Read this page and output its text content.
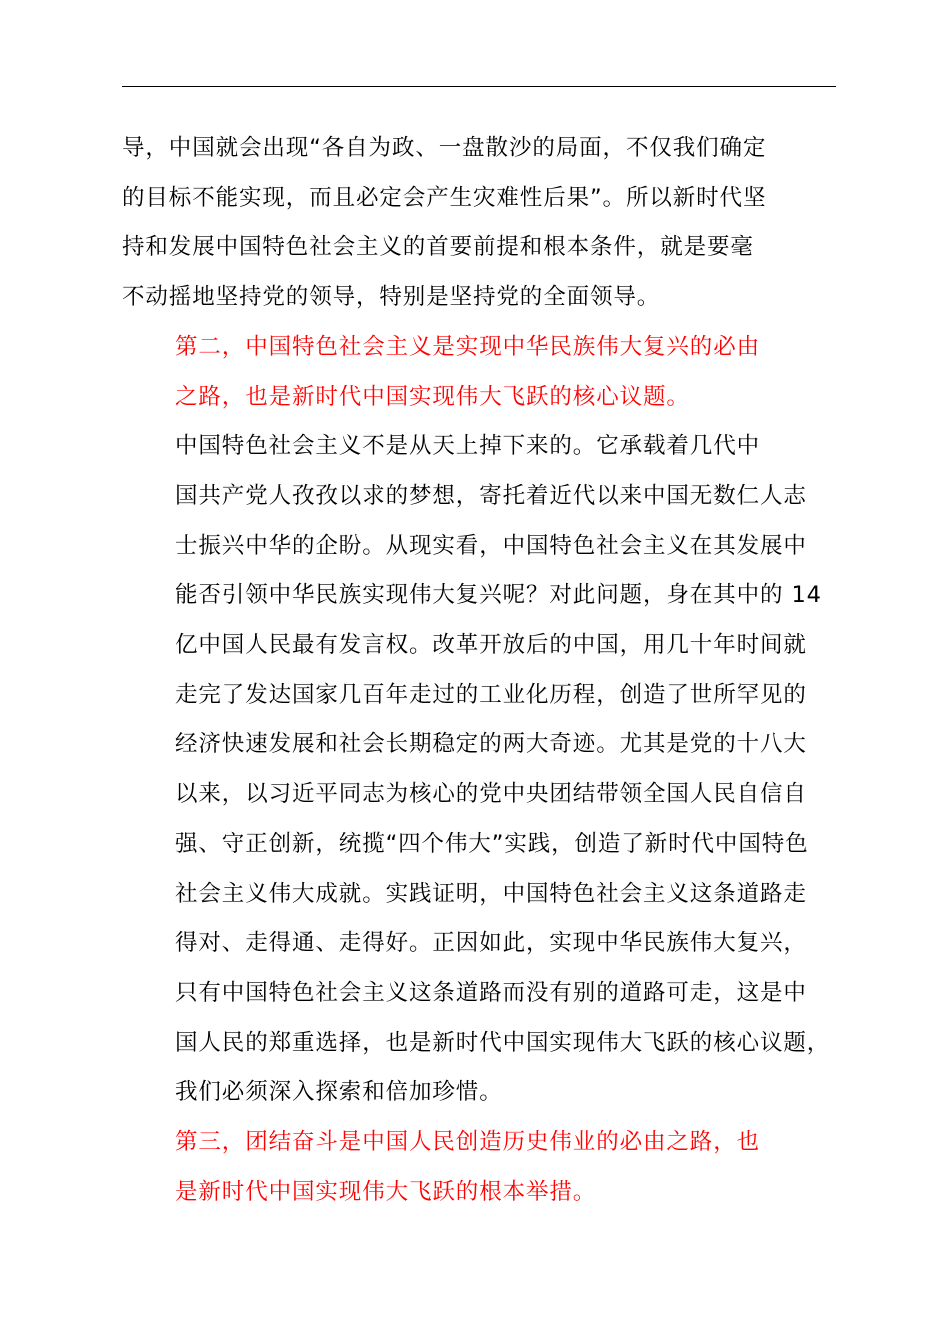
导，中国就会出现“各自为政、一盘散沙的局面，不仅我们确定
的目标不能实现，而且必定会产生灾难性后果”。所以新时代坚
持和发展中国特色社会主义的首要前提和根本条件，就是要毫
不动摇地坚持党的领导，特别是坚持党的全面领导。

第二，中国特色社会主义是实现中华民族伟大复兴的必由
之路，也是新时代中国实现伟大飞跃的核心议题。

中国特色社会主义不是从天上掉下来的。它承载着几代中
国共产党人孜孜以求的梦想，寄托着近代以来中国无数仁人志
士振兴中华的企盼。从现实看，中国特色社会主义在其发展中
能否引领中华民族实现伟大复兴呢？对此问题，身在其中的 14
亿中国人民最有发言权。改革开放后的中国，用几十年时间就
走完了发达国家几百年走过的工业化历程，创造了世所罕见的
经济快速发展和社会长期稳定的两大奇迹。尤其是党的十八大
以来，以习近平同志为核心的党中央团结带领全国人民自信自
强、守正创新，统揽“四个伟大”实践，创造了新时代中国特色
社会主义伟大成就。实践证明，中国特色社会主义这条道路走
得对、走得通、走得好。正因如此，实现中华民族伟大复兴，
只有中国特色社会主义这条道路而没有别的道路可走，这是中
国人民的郑重选择，也是新时代中国实现伟大飞跃的核心议题，
我们必须深入探索和倍加珍惜。

第三，团结奋斗是中国人民创造历史伟业的必由之路，也
是新时代中国实现伟大飞跃的根本举措。
